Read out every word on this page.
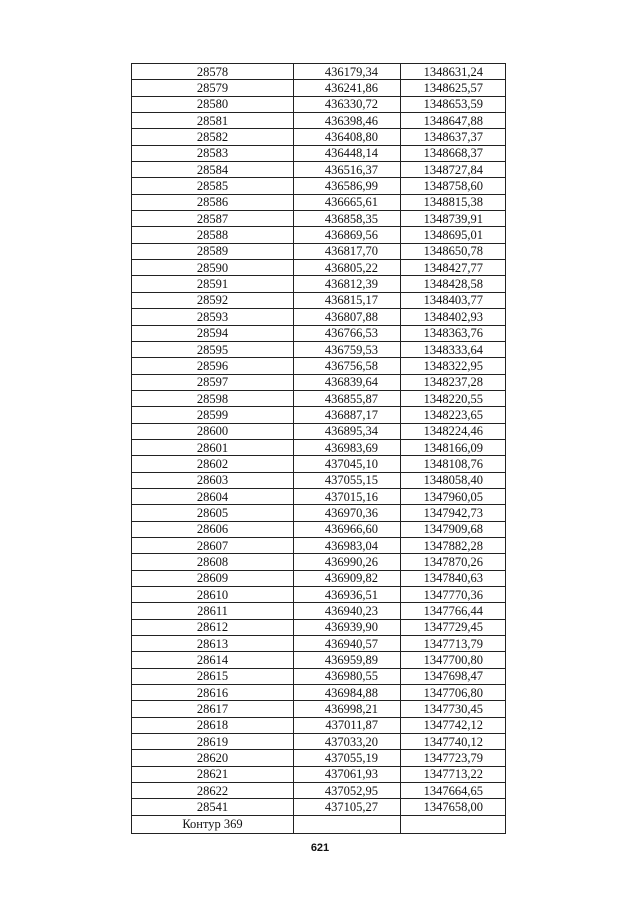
28578	436179,34	1348631,24
28579	436241,86	1348625,57
28580	436330,72	1348653,59
28581	436398,46	1348647,88
28582	436408,80	1348637,37
28583	436448,14	1348668,37
28584	436516,37	1348727,84
28585	436586,99	1348758,60
28586	436665,61	1348815,38
28587	436858,35	1348739,91
28588	436869,56	1348695,01
28589	436817,70	1348650,78
28590	436805,22	1348427,77
28591	436812,39	1348428,58
28592	436815,17	1348403,77
28593	436807,88	1348402,93
28594	436766,53	1348363,76
28595	436759,53	1348333,64
28596	436756,58	1348322,95
28597	436839,64	1348237,28
28598	436855,87	1348220,55
28599	436887,17	1348223,65
28600	436895,34	1348224,46
28601	436983,69	1348166,09
28602	437045,10	1348108,76
28603	437055,15	1348058,40
28604	437015,16	1347960,05
28605	436970,36	1347942,73
28606	436966,60	1347909,68
28607	436983,04	1347882,28
28608	436990,26	1347870,26
28609	436909,82	1347840,63
28610	436936,51	1347770,36
28611	436940,23	1347766,44
28612	436939,90	1347729,45
28613	436940,57	1347713,79
28614	436959,89	1347700,80
28615	436980,55	1347698,47
28616	436984,88	1347706,80
28617	436998,21	1347730,45
28618	437011,87	1347742,12
28619	437033,20	1347740,12
28620	437055,19	1347723,79
28621	437061,93	1347713,22
28622	437052,95	1347664,65
28541	437105,27	1347658,00
Контур 369		
621
